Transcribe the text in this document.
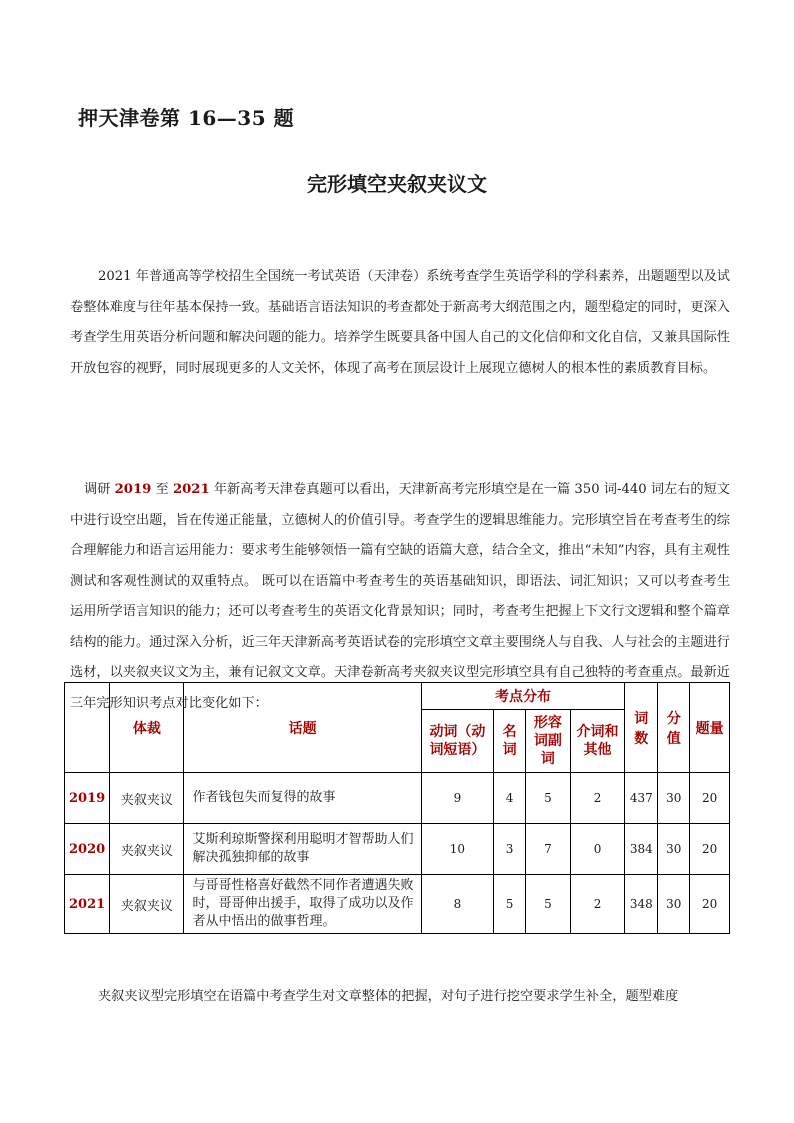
押天津卷第 16—35 题
完形填空夹叙夹议文

2021 年普通高等学校招生全国统一考试英语（天津卷）系统考查学生英语学科的学科素养，出题题型以及试卷整体难度与往年基本保持一致。基础语言语法知识的考查都处于新高考大纲范围之内，题型稳定的同时，更深入考查学生用英语分析问题和解决问题的能力。培养学生既要具备中国人自己的文化信仰和文化自信，又兼具国际性开放包容的视野，同时展现更多的人文关怀，体现了高考在顶层设计上展现立德树人的根本性的素质教育目标。

调研 2019 至 2021 年新高考天津卷真题可以看出，天津新高考完形填空是在一篇 350 词-440 词左右的短文中进行设空出题，旨在传递正能量，立德树人的价值引导。考查学生的逻辑思维能力。完形填空旨在考查考生的综合理解能力和语言运用能力：要求考生能够领悟一篇有空缺的语篇大意，结合全文，推出“未知”内容，具有主观性测试和客观性测试的双重特点。 既可以在语篇中考查考生的英语基础知识，即语法、词汇知识；又可以考查考生运用所学语言知识的能力；还可以考查考生的英语文化背景知识；同时，考查考生把握上下文行文逻辑和整个篇章结构的能力。通过深入分析，近三年天津新高考英语试卷的完形填空文章主要围绕人与自我、人与社会的主题进行选材，以夹叙夹议文为主，兼有记叙文文章。天津卷新高考夹叙夹议型完形填空具有自己独特的考查重点。最新近三年完形知识考点对比变化如下：

	体裁	话题	考点分布				词数	分值	题量
			动词（动词短语）	名词	形容词副词	介词和其他			
2019	夹叙夹议	作者钱包失而复得的故事	9	4	5	2	437	30	20
2020	夹叙夹议	艾斯利琼斯警探利用聪明才智帮助人们解决孤独抑郁的故事	10	3	7	0	384	30	20
2021	夹叙夹议	与哥哥性格喜好截然不同作者遭遇失败时，哥哥伸出援手，取得了成功以及作者从中悟出的做事哲理。	8	5	5	2	348	30	20

夹叙夹议型完形填空在语篇中考查学生对文章整体的把握，对句子进行挖空要求学生补全，题型难度
